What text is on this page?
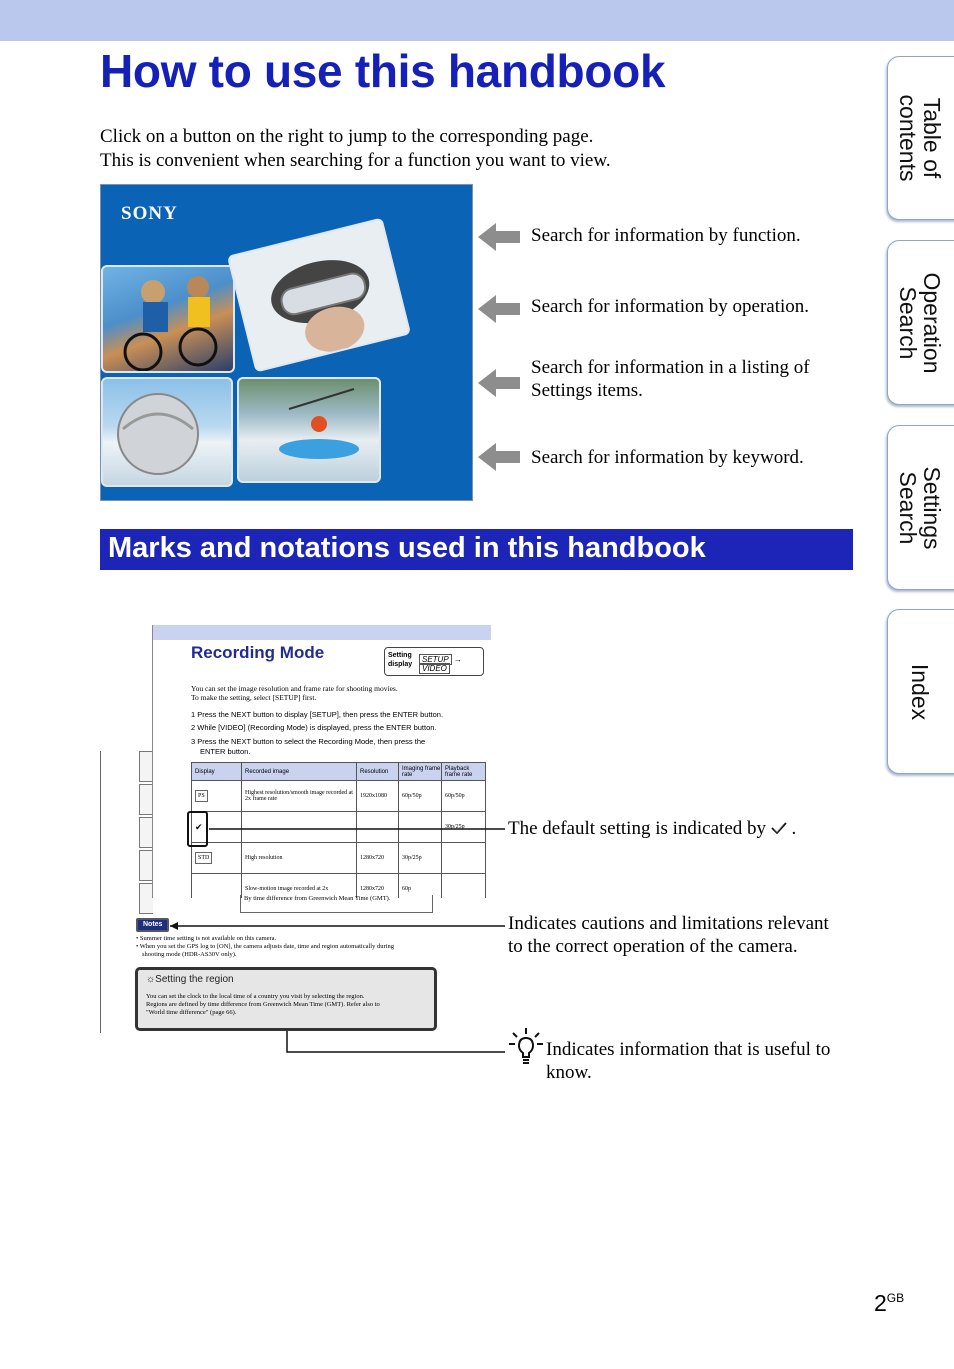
How to use this handbook
Click on a button on the right to jump to the corresponding page.
This is convenient when searching for a function you want to view.	Table of
contents
Operation
Search
Settings
Search
Index
SONY

Search for information by function.
Search for information by operation.
Search for information in a listing of Settings items.
Search for information by keyword.
Marks and notations used in this handbook
Recording Mode	Setting
display
SETUP → VIDEO
You can set the image resolution and frame rate for shooting movies.
To make the setting, select [SETUP] first.
1 Press the NEXT button to display [SETUP], then press the ENTER button.
2 While [VIDEO] (Recording Mode) is displayed, press the ENTER button.
3 Press the NEXT button to select the Recording Mode, then press the
ENTER button.
Display	Recorded image	Resolution	Imaging frame rate	Playback frame rate
PS	Highest resolution/smooth image recorded at 2x frame rate	1920x1080	60p/50p	60p/50p
✔				30p/25p
STD	High resolution	1280x720	30p/25p	
	Slow-motion image recorded at 2x	1280x720	60p	
By time difference from Greenwich Mean Time (GMT).
Notes
• Summer time setting is not available on this camera.
• When you set the GPS log to [ON], the camera adjusts date, time and region automatically during
shooting mode (HDR-AS30V only).
☼Setting the region
You can set the clock to the local time of a country you visit by selecting the region.
Regions are defined by time difference from Greenwich Mean Time (GMT). Refer also to
"World time difference" (page 66).
The default setting is indicated by .
Indicates cautions and limitations relevant
to the correct operation of the camera.
Indicates information that is useful to
know.
$2^{GB}$
